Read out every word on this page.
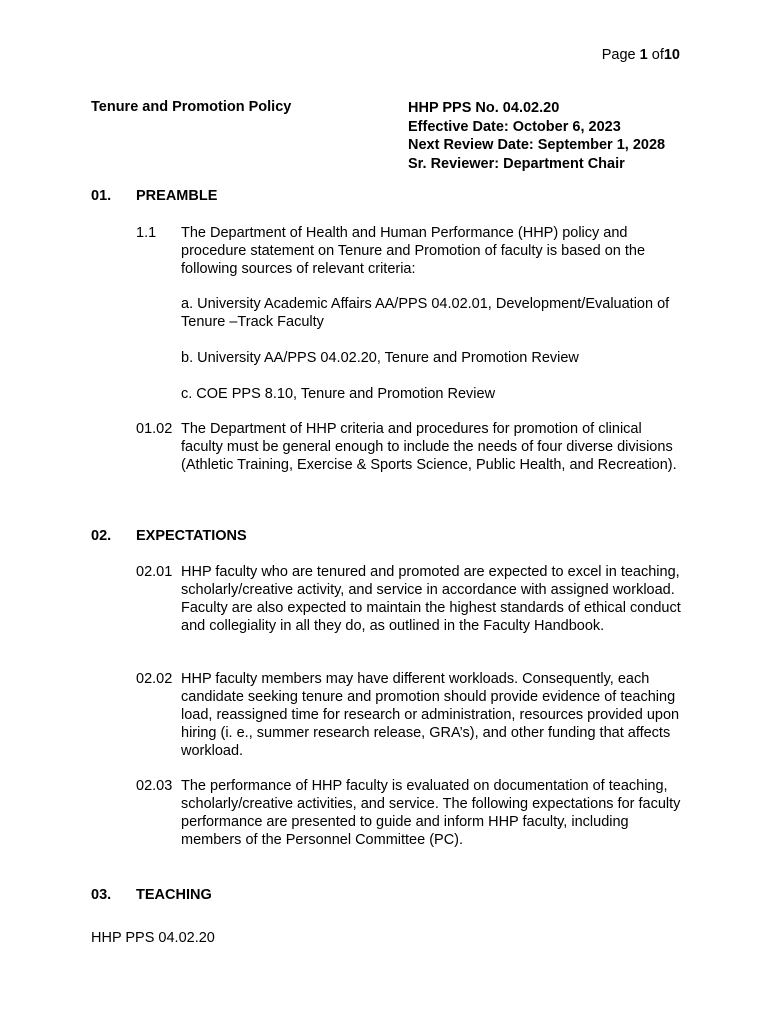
Page 1 of10
Tenure and Promotion Policy	HHP PPS No. 04.02.20
Effective Date: October 6, 2023
Next Review Date: September 1, 2028
Sr. Reviewer: Department Chair
01. PREAMBLE
1.1 The Department of Health and Human Performance (HHP) policy and procedure statement on Tenure and Promotion of faculty is based on the following sources of relevant criteria:
a. University Academic Affairs AA/PPS 04.02.01, Development/Evaluation of Tenure –Track Faculty
b. University AA/PPS 04.02.20, Tenure and Promotion Review
c. COE PPS 8.10, Tenure and Promotion Review
01.02 The Department of HHP criteria and procedures for promotion of clinical faculty must be general enough to include the needs of four diverse divisions (Athletic Training, Exercise & Sports Science, Public Health, and Recreation).
02. EXPECTATIONS
02.01 HHP faculty who are tenured and promoted are expected to excel in teaching, scholarly/creative activity, and service in accordance with assigned workload. Faculty are also expected to maintain the highest standards of ethical conduct and collegiality in all they do, as outlined in the Faculty Handbook.
02.02 HHP faculty members may have different workloads. Consequently, each candidate seeking tenure and promotion should provide evidence of teaching load, reassigned time for research or administration, resources provided upon hiring (i. e., summer research release, GRA’s), and other funding that affects workload.
02.03 The performance of HHP faculty is evaluated on documentation of teaching, scholarly/creative activities, and service. The following expectations for faculty performance are presented to guide and inform HHP faculty, including members of the Personnel Committee (PC).
03. TEACHING
HHP PPS 04.02.20
